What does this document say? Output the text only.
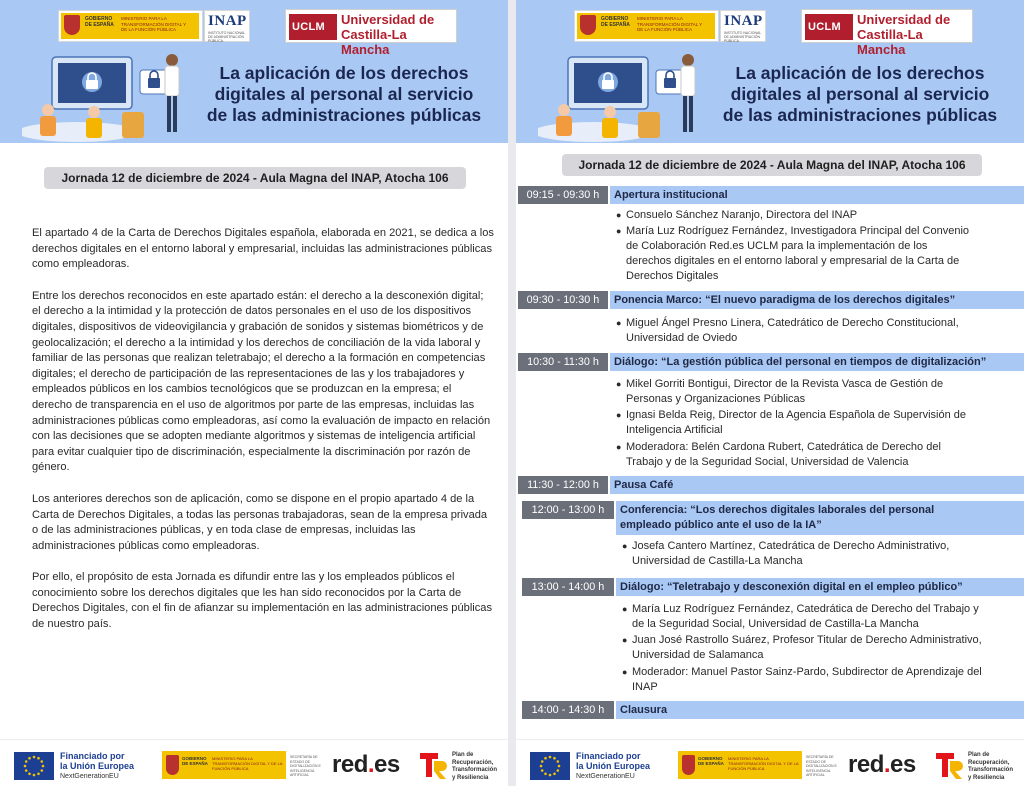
GOBIERNO DE ESPAÑA
MINISTERIO PARA LA TRANSFORMACIÓN DIGITAL Y DE LA FUNCIÓN PÚBLICA
INAP
INSTITUTO NACIONAL DE ADMINISTRACIÓN PÚBLICA
UCLM Universidad de
Castilla-La Mancha
La aplicación de los derechos
digitales al personal al servicio
de las administraciones públicas
Jornada 12 de diciembre de 2024 - Aula Magna del INAP, Atocha 106

El apartado 4 de la Carta de Derechos Digitales española, elaborada en 2021, se dedica a los derechos digitales en el entorno laboral y empresarial, incluidas las administraciones públicas como empleadoras.

Entre los derechos reconocidos en este apartado están: el derecho a la desconexión digital; el derecho a la intimidad y la protección de datos personales en el uso de los dispositivos digitales, dispositivos de videovigilancia y grabación de sonidos y sistemas biométricos y de geolocalización; el derecho a la intimidad y los derechos de conciliación de la vida laboral y familiar de las personas que realizan teletrabajo; el derecho a la formación en competencias digitales; el derecho de participación de las representaciones de las y los trabajadores y empleados públicos en los cambios tecnológicos que se produzcan en la empresa; el derecho de transparencia en el uso de algoritmos por parte de las empresas, incluidas las administraciones públicas como empleadoras, así como la evaluación de impacto en relación con las decisiones que se adopten mediante algoritmos y sistemas de inteligencia artificial para evitar cualquier tipo de discriminación, especialmente la discriminación por razón de género.

Los anteriores derechos son de aplicación, como se dispone en el propio apartado 4 de la Carta de Derechos Digitales, a todas las personas trabajadoras, sean de la empresa privada o de las administraciones públicas, y en toda clase de empresas, incluidas las administraciones públicas como empleadoras.

Por ello, el propósito de esta Jornada es difundir entre las y los empleados públicos el conocimiento sobre los derechos digitales que les han sido reconocidos por la Carta de Derechos Digitales, con el fin de afianzar su implementación en las administraciones públicas de nuestro país.

Financiado por
la Unión Europea
NextGenerationEU
GOBIERNO DE ESPAÑA
MINISTERIO PARA LA TRANSFORMACIÓN DIGITAL Y DE LA FUNCIÓN PÚBLICA
SECRETARÍA DE ESTADO DE DIGITALIZACIÓN E INTELIGENCIA ARTIFICIAL red.es	Plan de
Recuperación,
Transformación
y Resiliencia
GOBIERNO DE ESPAÑA
MINISTERIO PARA LA TRANSFORMACIÓN DIGITAL Y DE LA FUNCIÓN PÚBLICA
INAP
INSTITUTO NACIONAL DE ADMINISTRACIÓN PÚBLICA
UCLM Universidad de
Castilla-La Mancha
La aplicación de los derechos
digitales al personal al servicio
de las administraciones públicas
Jornada 12 de diciembre de 2024 - Aula Magna del INAP, Atocha 106
09:15 - 09:30 h	Apertura institucional
● Consuelo Sánchez Naranjo, Directora del INAP
● María Luz Rodríguez Fernández, Investigadora Principal del Convenio
de Colaboración Red.es UCLM para la implementación de los
derechos digitales en el entorno laboral y empresarial de la Carta de
Derechos Digitales
09:30 - 10:30 h	Ponencia Marco: “El nuevo paradigma de los derechos digitales”
● Miguel Ángel Presno Linera, Catedrático de Derecho Constitucional,
Universidad de Oviedo
10:30 - 11:30 h	Diálogo: “La gestión pública del personal en tiempos de digitalización”
● Mikel Gorriti Bontigui, Director de la Revista Vasca de Gestión de
Personas y Organizaciones Públicas
● Ignasi Belda Reig, Director de la Agencia Española de Supervisión de
Inteligencia Artificial
● Moderadora: Belén Cardona Rubert, Catedrática de Derecho del
Trabajo y de la Seguridad Social, Universidad de Valencia
11:30 - 12:00 h	Pausa Café
12:00 - 13:00 h	Conferencia: “Los derechos digitales laborales del personal
empleado público ante el uso de la IA”
● Josefa Cantero Martínez, Catedrática de Derecho Administrativo,
Universidad de Castilla-La Mancha
13:00 - 14:00 h	Diálogo: “Teletrabajo y desconexión digital en el empleo público”
● María Luz Rodríguez Fernández, Catedrática de Derecho del Trabajo y
de la Seguridad Social, Universidad de Castilla-La Mancha
● Juan José Rastrollo Suárez, Profesor Titular de Derecho Administrativo,
Universidad de Salamanca
● Moderador: Manuel Pastor Sainz-Pardo, Subdirector de Aprendizaje del
INAP
14:00 - 14:30 h	Clausura
Financiado por
la Unión Europea
NextGenerationEU
GOBIERNO DE ESPAÑA
MINISTERIO PARA LA TRANSFORMACIÓN DIGITAL Y DE LA FUNCIÓN PÚBLICA
SECRETARÍA DE ESTADO DE DIGITALIZACIÓN E INTELIGENCIA ARTIFICIAL red.es	Plan de
Recuperación,
Transformación
y Resiliencia
